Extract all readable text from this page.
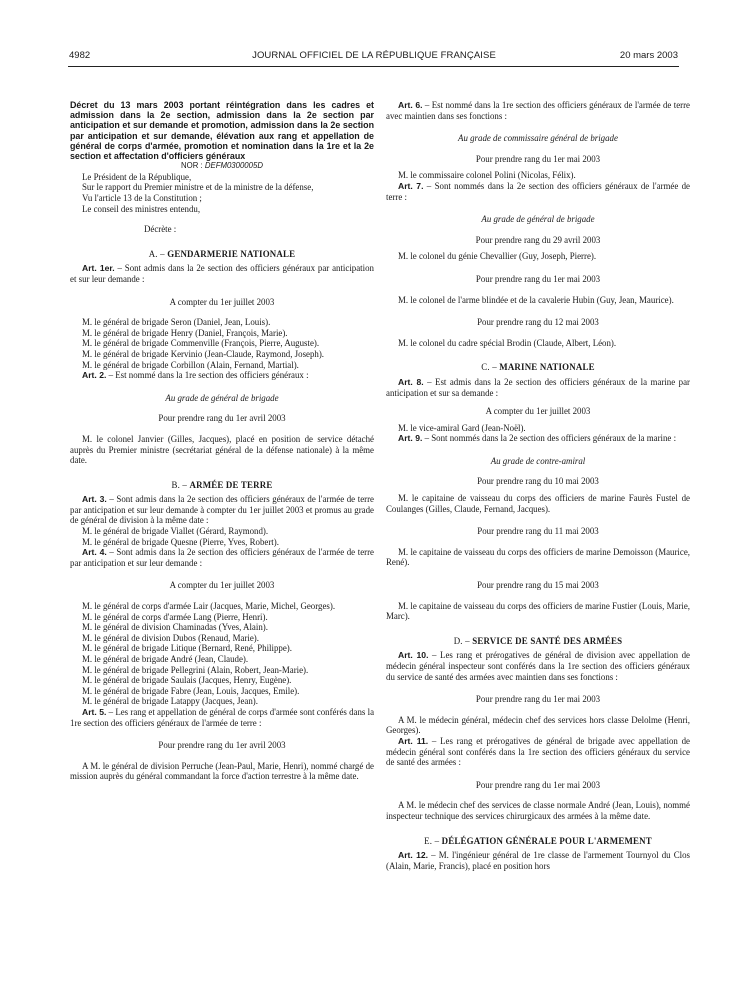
4982	JOURNAL OFFICIEL DE LA RÉPUBLIQUE FRANÇAISE	20 mars 2003

Décret du 13 mars 2003 portant réintégration dans les cadres et admission dans la 2e section, admission dans la 2e section par anticipation et sur demande et promotion, admission dans la 2e section par anticipation et sur demande, élévation aux rang et appellation de général de corps d'armée, promotion et nomination dans la 1re et la 2e section et affectation d'officiers généraux

NOR : DEFM0300005D

Le Président de la République,

Sur le rapport du Premier ministre et de la ministre de la défense,

Vu l'article 13 de la Constitution ;

Le conseil des ministres entendu,

Décrète :

A. – GENDARMERIE NATIONALE

Art. 1er. – Sont admis dans la 2e section des officiers généraux par anticipation et sur leur demande :

A compter du 1er juillet 2003

M. le général de brigade Seron (Daniel, Jean, Louis).

M. le général de brigade Henry (Daniel, François, Marie).

M. le général de brigade Commenville (François, Pierre, Auguste).

M. le général de brigade Kervinio (Jean-Claude, Raymond, Joseph).

M. le général de brigade Corbillon (Alain, Fernand, Martial).

Art. 2. – Est nommé dans la 1re section des officiers généraux :

Au grade de général de brigade

Pour prendre rang du 1er avril 2003

M. le colonel Janvier (Gilles, Jacques), placé en position de service détaché auprès du Premier ministre (secrétariat général de la défense nationale) à la même date.

B. – ARMÉE DE TERRE

Art. 3. – Sont admis dans la 2e section des officiers généraux de l'armée de terre par anticipation et sur leur demande à compter du 1er juillet 2003 et promus au grade de général de division à la même date :

M. le général de brigade Viallet (Gérard, Raymond).

M. le général de brigade Quesne (Pierre, Yves, Robert).

Art. 4. – Sont admis dans la 2e section des officiers généraux de l'armée de terre par anticipation et sur leur demande :

A compter du 1er juillet 2003

M. le général de corps d'armée Lair (Jacques, Marie, Michel, Georges).

M. le général de corps d'armée Lang (Pierre, Henri).

M. le général de division Chaminadas (Yves, Alain).

M. le général de division Dubos (Renaud, Marie).

M. le général de brigade Litique (Bernard, René, Philippe).

M. le général de brigade André (Jean, Claude).

M. le général de brigade Pellegrini (Alain, Robert, Jean-Marie).

M. le général de brigade Saulais (Jacques, Henry, Eugène).

M. le général de brigade Fabre (Jean, Louis, Jacques, Emile).

M. le général de brigade Latappy (Jacques, Jean).

Art. 5. – Les rang et appellation de général de corps d'armée sont conférés dans la 1re section des officiers généraux de l'armée de terre :

Pour prendre rang du 1er avril 2003

A M. le général de division Perruche (Jean-Paul, Marie, Henri), nommé chargé de mission auprès du général commandant la force d'action terrestre à la même date.

Art. 6. – Est nommé dans la 1re section des officiers généraux de l'armée de terre avec maintien dans ses fonctions :

Au grade de commissaire général de brigade

Pour prendre rang du 1er mai 2003

M. le commissaire colonel Polini (Nicolas, Félix).

Art. 7. – Sont nommés dans la 2e section des officiers généraux de l'armée de terre :

Au grade de général de brigade

Pour prendre rang du 29 avril 2003

M. le colonel du génie Chevallier (Guy, Joseph, Pierre).

Pour prendre rang du 1er mai 2003

M. le colonel de l'arme blindée et de la cavalerie Hubin (Guy, Jean, Maurice).

Pour prendre rang du 12 mai 2003

M. le colonel du cadre spécial Brodin (Claude, Albert, Léon).

C. – MARINE NATIONALE

Art. 8. – Est admis dans la 2e section des officiers généraux de la marine par anticipation et sur sa demande :

A compter du 1er juillet 2003

M. le vice-amiral Gard (Jean-Noël).

Art. 9. – Sont nommés dans la 2e section des officiers généraux de la marine :

Au grade de contre-amiral

Pour prendre rang du 10 mai 2003

M. le capitaine de vaisseau du corps des officiers de marine Faurès Fustel de Coulanges (Gilles, Claude, Fernand, Jacques).

Pour prendre rang du 11 mai 2003

M. le capitaine de vaisseau du corps des officiers de marine Demoisson (Maurice, René).

Pour prendre rang du 15 mai 2003

M. le capitaine de vaisseau du corps des officiers de marine Fustier (Louis, Marie, Marc).

D. – SERVICE DE SANTÉ DES ARMÉES

Art. 10. – Les rang et prérogatives de général de division avec appellation de médecin général inspecteur sont conférés dans la 1re section des officiers généraux du service de santé des armées avec maintien dans ses fonctions :

Pour prendre rang du 1er mai 2003

A M. le médecin général, médecin chef des services hors classe Delolme (Henri, Georges).

Art. 11. – Les rang et prérogatives de général de brigade avec appellation de médecin général sont conférés dans la 1re section des officiers généraux du service de santé des armées :

Pour prendre rang du 1er mai 2003

A M. le médecin chef des services de classe normale André (Jean, Louis), nommé inspecteur technique des services chirurgicaux des armées à la même date.

E. – DÉLÉGATION GÉNÉRALE POUR L'ARMEMENT

Art. 12. – M. l'ingénieur général de 1re classe de l'armement Tournyol du Clos (Alain, Marie, Francis), placé en position hors
